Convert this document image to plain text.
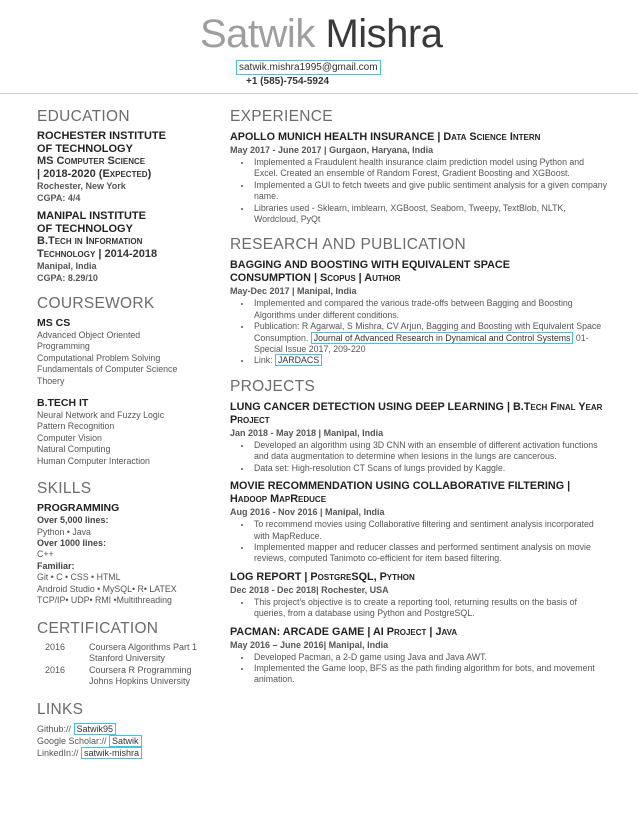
Satwik Mishra
satwik.mishra1995@gmail.com
+1 (585)-754-5924
EDUCATION
ROCHESTER INSTITUTE
OF TECHNOLOGY
MS Computer Science
| 2018-2020 (Expected)
Rochester, New York
CGPA: 4/4
MANIPAL INSTITUTE
OF TECHNOLOGY
B.Tech in Information
Technology | 2014-2018
Manipal, India
CGPA: 8.29/10
COURSEWORK
MS CS
Advanced Object Oriented
Programming
Computational Problem Solving
Fundamentals of Computer Science
Thoery
B.TECH IT
Neural Network and Fuzzy Logic
Pattern Recognition
Computer Vision
Natural Computing
Human Computer Interaction
SKILLS
PROGRAMMING
Over 5,000 lines:
Python • Java
Over 1000 lines:
C++
Familiar:
Git • C • CSS • HTML
Android Studio • MySQL• R• LATEX
TCP/IP• UDP• RMI •Multithreading
CERTIFICATION
2016	Coursera Algorithms Part 1
Stanford University
2016	Coursera R Programming
Johns Hopkins University
LINKS
Github:// Satwik95
Google Scholar:// Satwik
LinkedIn:// satwik-mishra
EXPERIENCE
APOLLO MUNICH HEALTH INSURANCE | Data Science Intern
May 2017 - June 2017 | Gurgaon, Haryana, India
• Implemented a Fraudulent health insurance claim prediction model using Python and Excel. Created an ensemble of Random Forest, Gradient Boosting and XGBoost.
• Implemented a GUI to fetch tweets and give public sentiment analysis for a given company name.
• Libraries used - Sklearn, imblearn, XGBoost, Seaborn, Tweepy, TextBlob, NLTK, Wordcloud, PyQt
RESEARCH AND PUBLICATION
BAGGING AND BOOSTING WITH EQUIVALENT SPACE
CONSUMPTION | Scopus | Author
May-Dec 2017 | Manipal, India
• Implemented and compared the various trade-offs between Bagging and Boosting Algorithms under different conditions.
• Publication: R Agarwal, S Mishra, CV Arjun, Bagging and Boosting with Equivalent Space Consumption. Journal of Advanced Research in Dynamical and Control Systems 01-Special Issue 2017, 209-220
• Link: JARDACS
PROJECTS
LUNG CANCER DETECTION USING DEEP LEARNING | B.Tech Final Year Project
Jan 2018 - May 2018 | Manipal, India
• Developed an algorithm using 3D CNN with an ensemble of different activation functions and data augmentation to determine when lesions in the lungs are cancerous.
• Data set: High-resolution CT Scans of lungs provided by Kaggle.
MOVIE RECOMMENDATION USING COLLABORATIVE FILTERING | Hadoop MapReduce
Aug 2016 - Nov 2016 | Manipal, India
• To recommend movies using Collaborative filtering and sentiment analysis incorporated with MapReduce.
• Implemented mapper and reducer classes and performed sentiment analysis on movie reviews, computed Tanimoto co-efficient for item based filtering.
LOG REPORT | PostgreSQL, Python
Dec 2018 - Dec 2018| Rochester, USA
• This project's objective is to create a reporting tool, returning results on the basis of queries, from a database using Python and PostgreSQL.
PACMAN: ARCADE GAME | AI Project | Java
May 2016 – June 2016| Manipal, India
• Developed Pacman, a 2-D game using Java and Java AWT.
• Implemented the Game loop, BFS as the path finding algorithm for bots, and movement animation.
